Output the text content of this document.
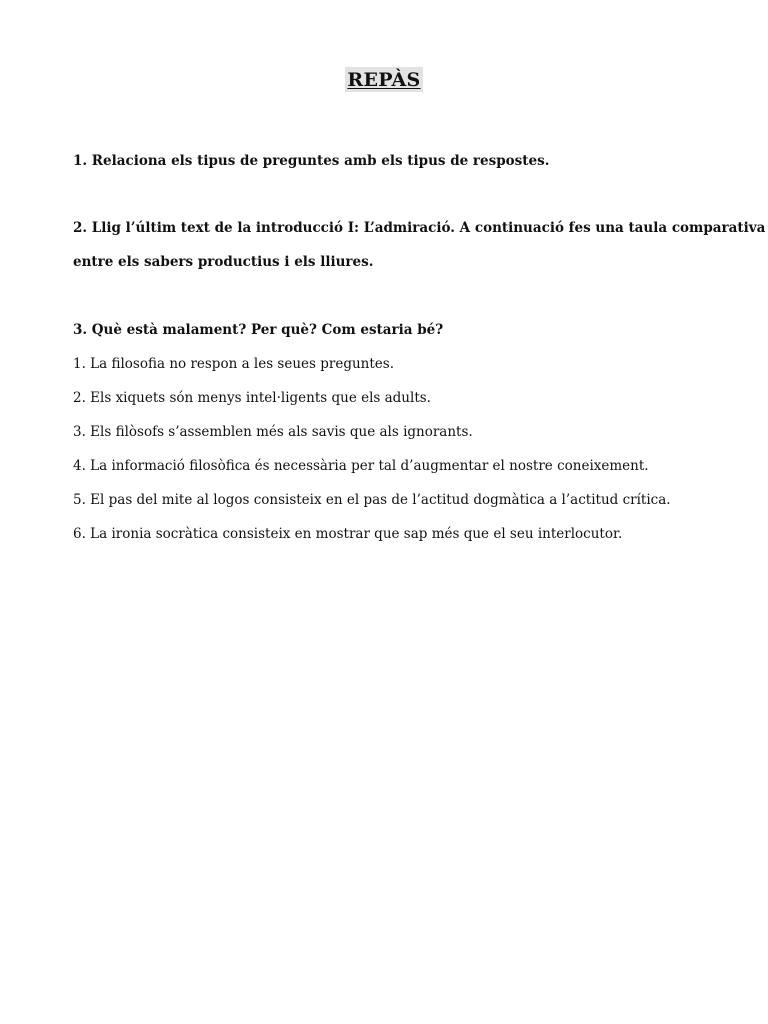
REPÀS
1. Relaciona els tipus de preguntes amb els tipus de respostes.
2. Llig l’últim text de la introducció I: L’admiració. A continuació fes una taula comparativa
entre els sabers productius i els lliures.
3. Què està malament? Per què? Com estaria bé?
1. La filosofia no respon a les seues preguntes.
2. Els xiquets són menys intel·ligents que els adults.
3. Els filòsofs s’assemblen més als savis que als ignorants.
4. La informació filosòfica és necessària per tal d’augmentar el nostre coneixement.
5. El pas del mite al logos consisteix en el pas de l’actitud dogmàtica a l’actitud crítica.
6. La ironia socràtica consisteix en mostrar que sap més que el seu interlocutor.
